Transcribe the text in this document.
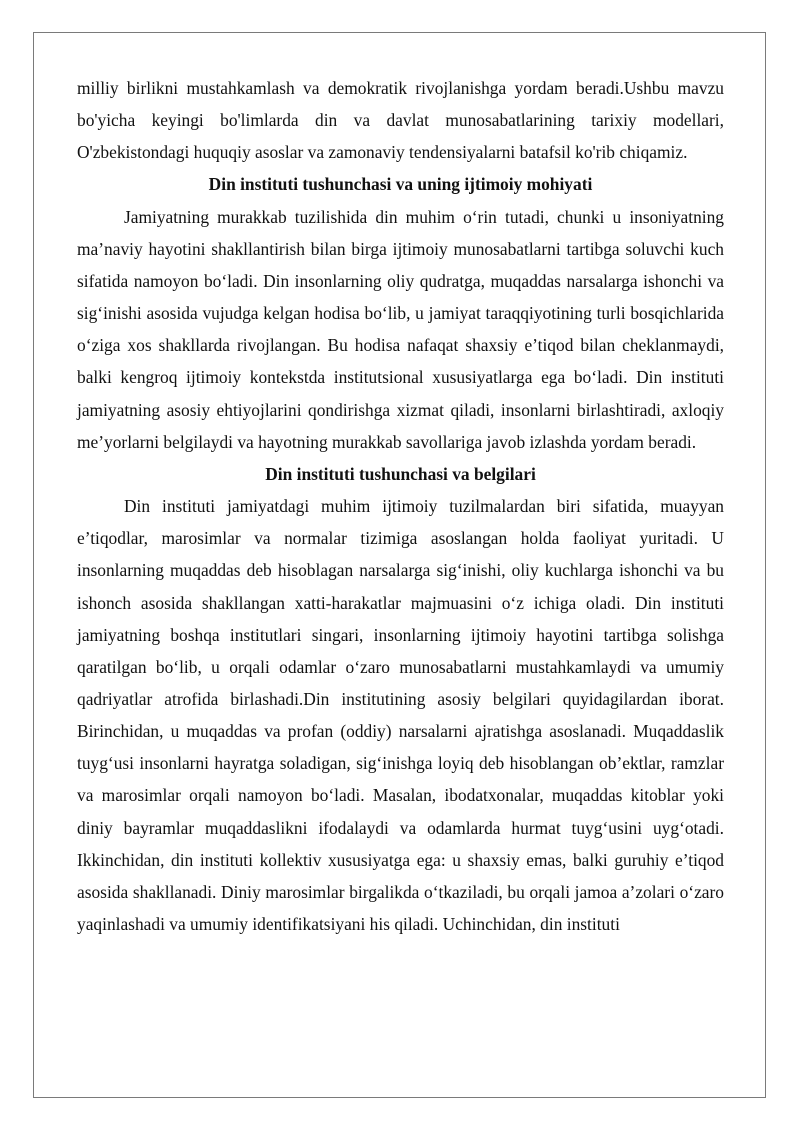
milliy birlikni mustahkamlash va demokratik rivojlanishga yordam beradi.Ushbu mavzu bo'yicha keyingi bo'limlarda din va davlat munosabatlarining tarixiy modellari, O'zbekistondagi huquqiy asoslar va zamonaviy tendensiyalarni batafsil ko'rib chiqamiz.

Din instituti tushunchasi va uning ijtimoiy mohiyati

Jamiyatning murakkab tuzilishida din muhim o‘rin tutadi, chunki u insoniyatning ma’naviy hayotini shakllantirish bilan birga ijtimoiy munosabatlarni tartibga soluvchi kuch sifatida namoyon bo‘ladi. Din insonlarning oliy qudratga, muqaddas narsalarga ishonchi va sig‘inishi asosida vujudga kelgan hodisa bo‘lib, u jamiyat taraqqiyotining turli bosqichlarida o‘ziga xos shakllarda rivojlangan. Bu hodisa nafaqat shaxsiy e’tiqod bilan cheklanmaydi, balki kengroq ijtimoiy kontekstda institutsional xususiyatlarga ega bo‘ladi. Din instituti jamiyatning asosiy ehtiyojlarini qondirishga xizmat qiladi, insonlarni birlashtiradi, axloqiy me’yorlarni belgilaydi va hayotning murakkab savollariga javob izlashda yordam beradi.

Din instituti tushunchasi va belgilari

Din instituti jamiyatdagi muhim ijtimoiy tuzilmalardan biri sifatida, muayyan e’tiqodlar, marosimlar va normalar tizimiga asoslangan holda faoliyat yuritadi. U insonlarning muqaddas deb hisoblagan narsalarga sig‘inishi, oliy kuchlarga ishonchi va bu ishonch asosida shakllangan xatti-harakatlar majmuasini o‘z ichiga oladi. Din instituti jamiyatning boshqa institutlari singari, insonlarning ijtimoiy hayotini tartibga solishga qaratilgan bo‘lib, u orqali odamlar o‘zaro munosabatlarni mustahkamlaydi va umumiy qadriyatlar atrofida birlashadi.Din institutining asosiy belgilari quyidagilardan iborat. Birinchidan, u muqaddas va profan (oddiy) narsalarni ajratishga asoslanadi. Muqaddaslik tuyg‘usi insonlarni hayratga soladigan, sig‘inishga loyiq deb hisoblangan ob’ektlar, ramzlar va marosimlar orqali namoyon bo‘ladi. Masalan, ibodatxonalar, muqaddas kitoblar yoki diniy bayramlar muqaddaslikni ifodalaydi va odamlarda hurmat tuyg‘usini uyg‘otadi. Ikkinchidan, din instituti kollektiv xususiyatga ega: u shaxsiy emas, balki guruhiy e’tiqod asosida shakllanadi. Diniy marosimlar birgalikda o‘tkaziladi, bu orqali jamoa a’zolari o‘zaro yaqinlashadi va umumiy identifikatsiyani his qiladi. Uchinchidan, din instituti
